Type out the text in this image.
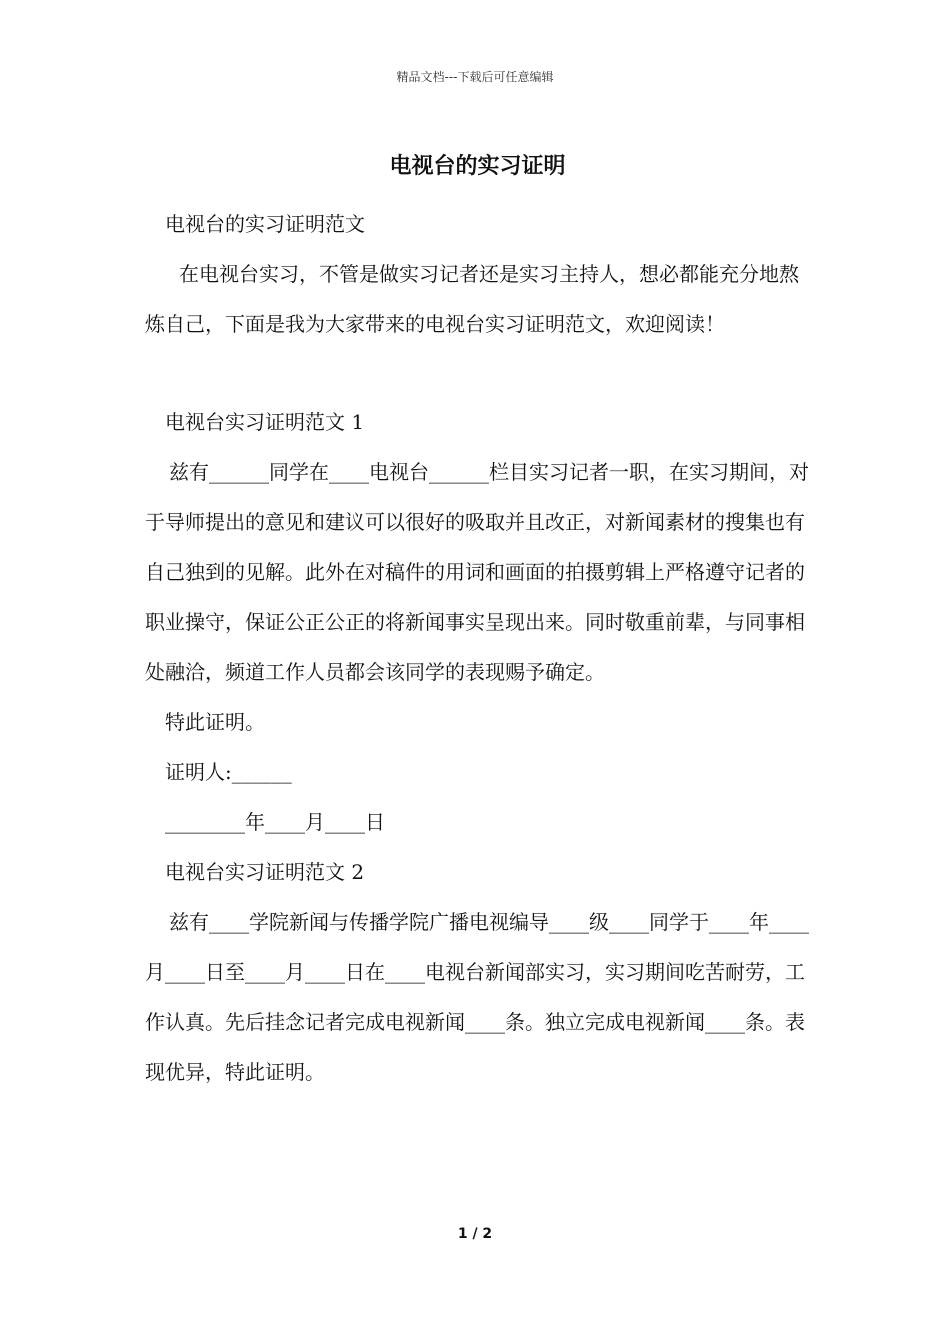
精品文档---下载后可任意编辑
电视台的实习证明

电视台的实习证明范文

在电视台实习，不管是做实习记者还是实习主持人，想必都能充分地熬炼自己，下面是我为大家带来的电视台实习证明范文，欢迎阅读！

电视台实习证明范文 1

兹有______同学在____电视台______栏目实习记者一职，在实习期间，对于导师提出的意见和建议可以很好的吸取并且改正，对新闻素材的搜集也有自己独到的见解。此外在对稿件的用词和画面的拍摄剪辑上严格遵守记者的职业操守，保证公正公正的将新闻事实呈现出来。同时敬重前辈，与同事相处融洽，频道工作人员都会该同学的表现赐予确定。

特此证明。

证明人:______

________年____月____日

电视台实习证明范文 2

兹有____学院新闻与传播学院广播电视编导____级____同学于____年____月____日至____月____日在____电视台新闻部实习，实习期间吃苦耐劳，工作认真。先后挂念记者完成电视新闻____条。独立完成电视新闻____条。表现优异，特此证明。

1 / 2
